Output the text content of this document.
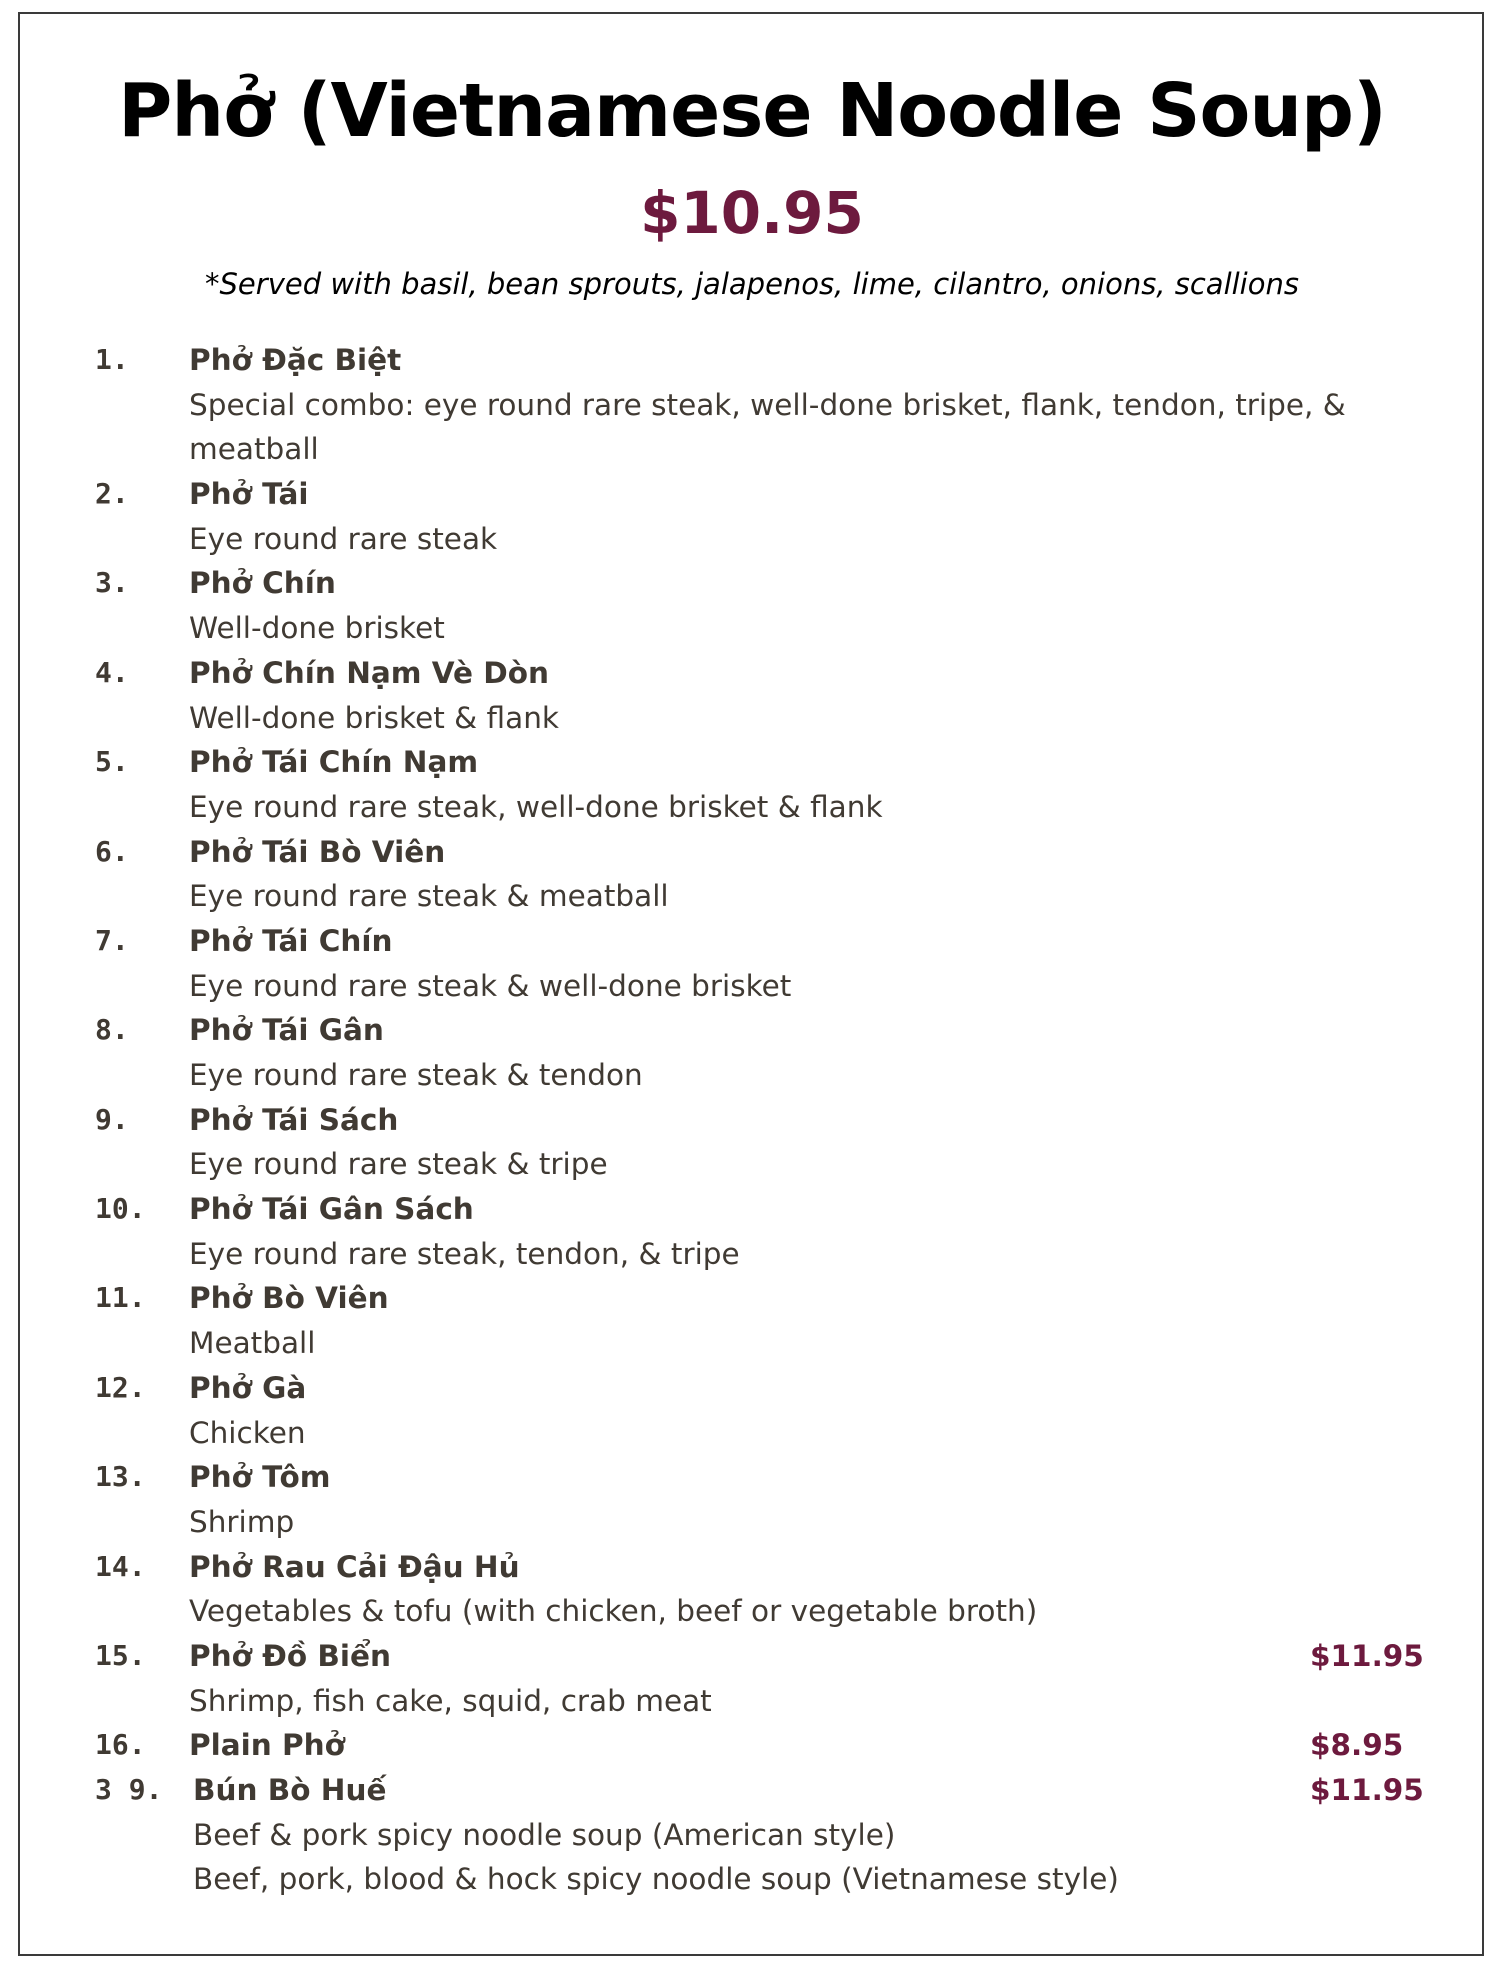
Phở (Vietnamese Noodle Soup)
$10.95
*Served with basil, bean sprouts, jalapenos, lime, cilantro, onions, scallions
1. Phở Đặc Biệt
Special combo: eye round rare steak, well-done brisket, flank, tendon, tripe, &
meatball
2. Phở Tái
Eye round rare steak
3. Phở Chín
Well-done brisket
4. Phở Chín Nạm Vè Dòn
Well-done brisket & flank
5. Phở Tái Chín Nạm
Eye round rare steak, well-done brisket & flank
6. Phở Tái Bò Viên
Eye round rare steak & meatball
7. Phở Tái Chín
Eye round rare steak & well-done brisket
8. Phở Tái Gân
Eye round rare steak & tendon
9. Phở Tái Sách
Eye round rare steak & tripe
10. Phở Tái Gân Sách
Eye round rare steak, tendon, & tripe
11. Phở Bò Viên
Meatball
12. Phở Gà
Chicken
13. Phở Tôm
Shrimp
14. Phở Rau Cải Đậu Hủ
Vegetables & tofu (with chicken, beef or vegetable broth)
15. Phở Đồ Biển	$11.95
Shrimp, fish cake, squid, crab meat
16. Plain Phở	$8.95
3 9. Bún Bò Huế	$11.95
Beef & pork spicy noodle soup (American style)
Beef, pork, blood & hock spicy noodle soup (Vietnamese style)
